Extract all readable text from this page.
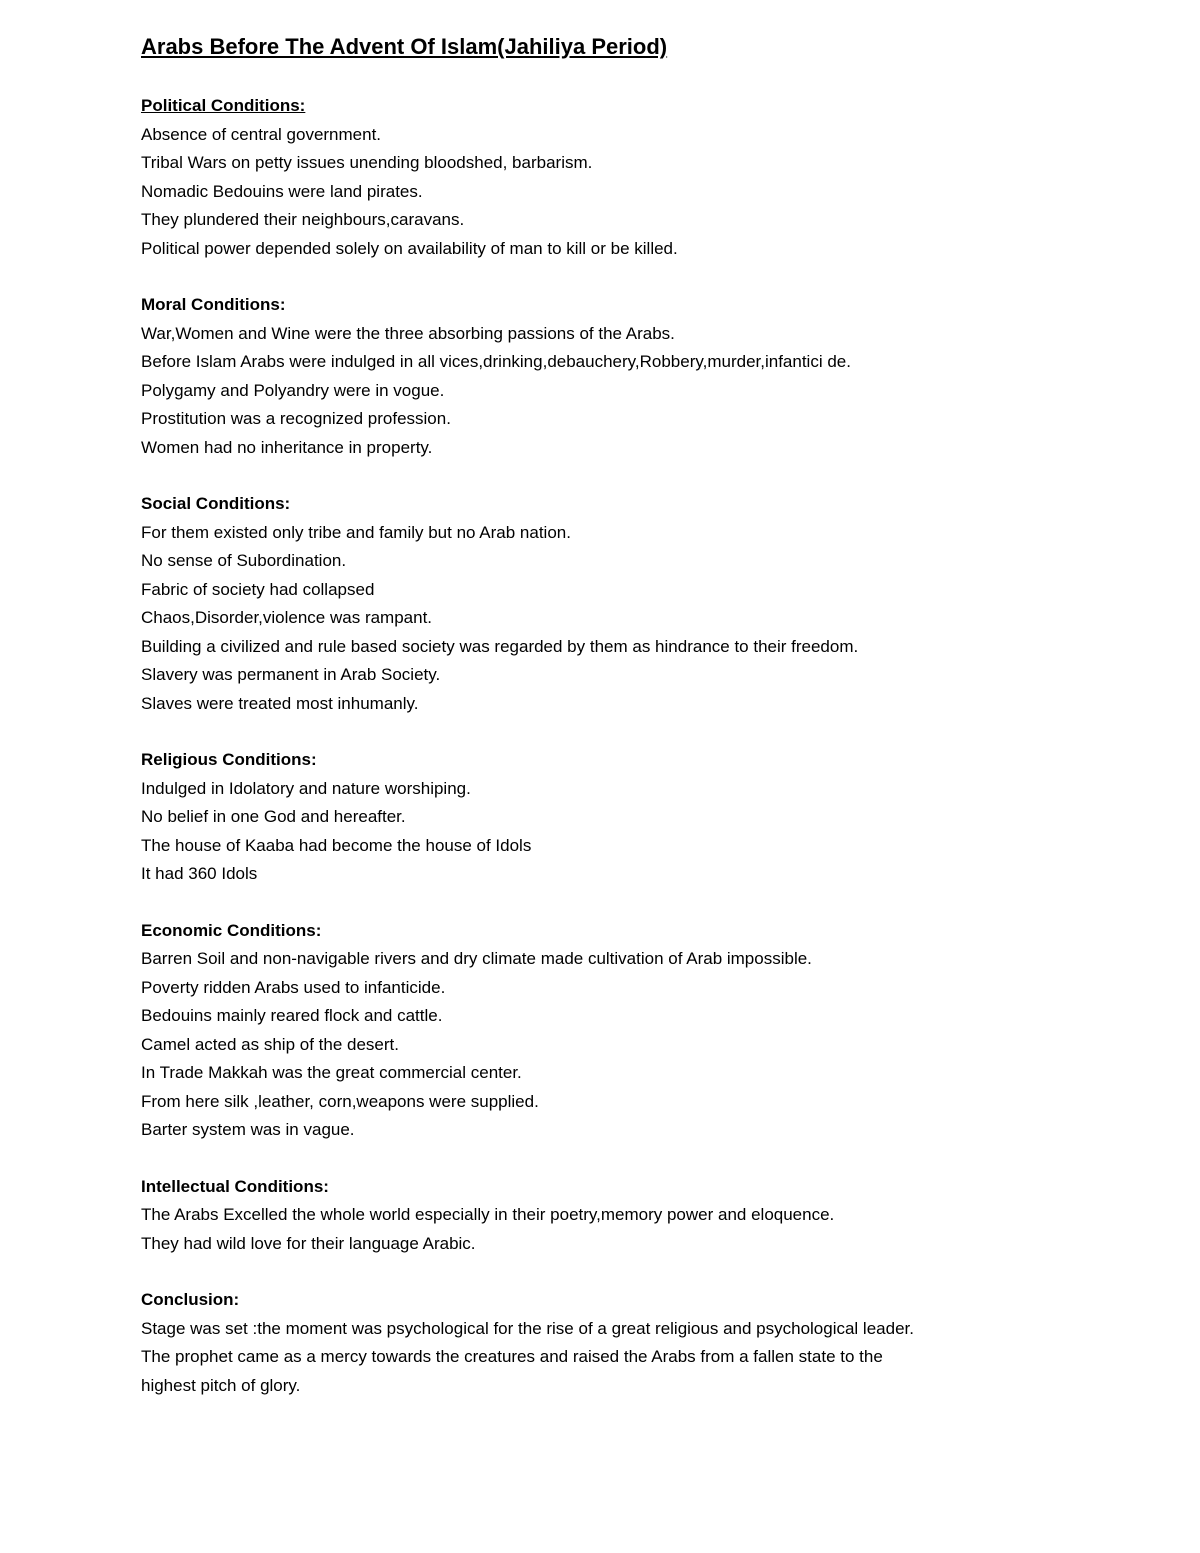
Arabs Before The Advent Of Islam(Jahiliya Period)
Political Conditions:
Absence of central government.
Tribal Wars on petty issues unending bloodshed, barbarism.
Nomadic Bedouins were land pirates.
They plundered their neighbours,caravans.
Political power depended solely on availability of man to kill or be killed.
Moral Conditions:
War,Women and Wine were the three absorbing passions of the Arabs.
Before Islam Arabs were indulged in all vices,drinking,debauchery,Robbery,murder,infantici de.
Polygamy and Polyandry were in vogue.
Prostitution was a recognized profession.
Women had no inheritance in property.
Social Conditions:
For them existed only tribe and family but no Arab nation.
No sense of Subordination.
Fabric of society had collapsed
Chaos,Disorder,violence was rampant.
Building a civilized and rule based society was regarded by them as hindrance to their freedom.
Slavery was permanent in Arab Society.
Slaves were treated most inhumanly.
Religious Conditions:
Indulged in Idolatory and nature worshiping.
No belief in one God and hereafter.
The house of Kaaba had become the house of Idols
It had 360 Idols
Economic Conditions:
Barren Soil and non-navigable rivers and dry climate made cultivation of Arab impossible.
Poverty ridden Arabs used to infanticide.
Bedouins mainly reared flock and cattle.
Camel acted as ship of the desert.
In Trade Makkah was the great commercial center.
From here silk ,leather, corn,weapons were supplied.
Barter system was in vague.
Intellectual Conditions:
The Arabs Excelled the whole world especially in their poetry,memory power and eloquence.
They had wild love for their language Arabic.
Conclusion:
Stage was set :the moment was psychological for the rise of a great religious and psychological leader.
The prophet came as a mercy towards the creatures and raised the Arabs from a fallen state to the
highest pitch of glory.
